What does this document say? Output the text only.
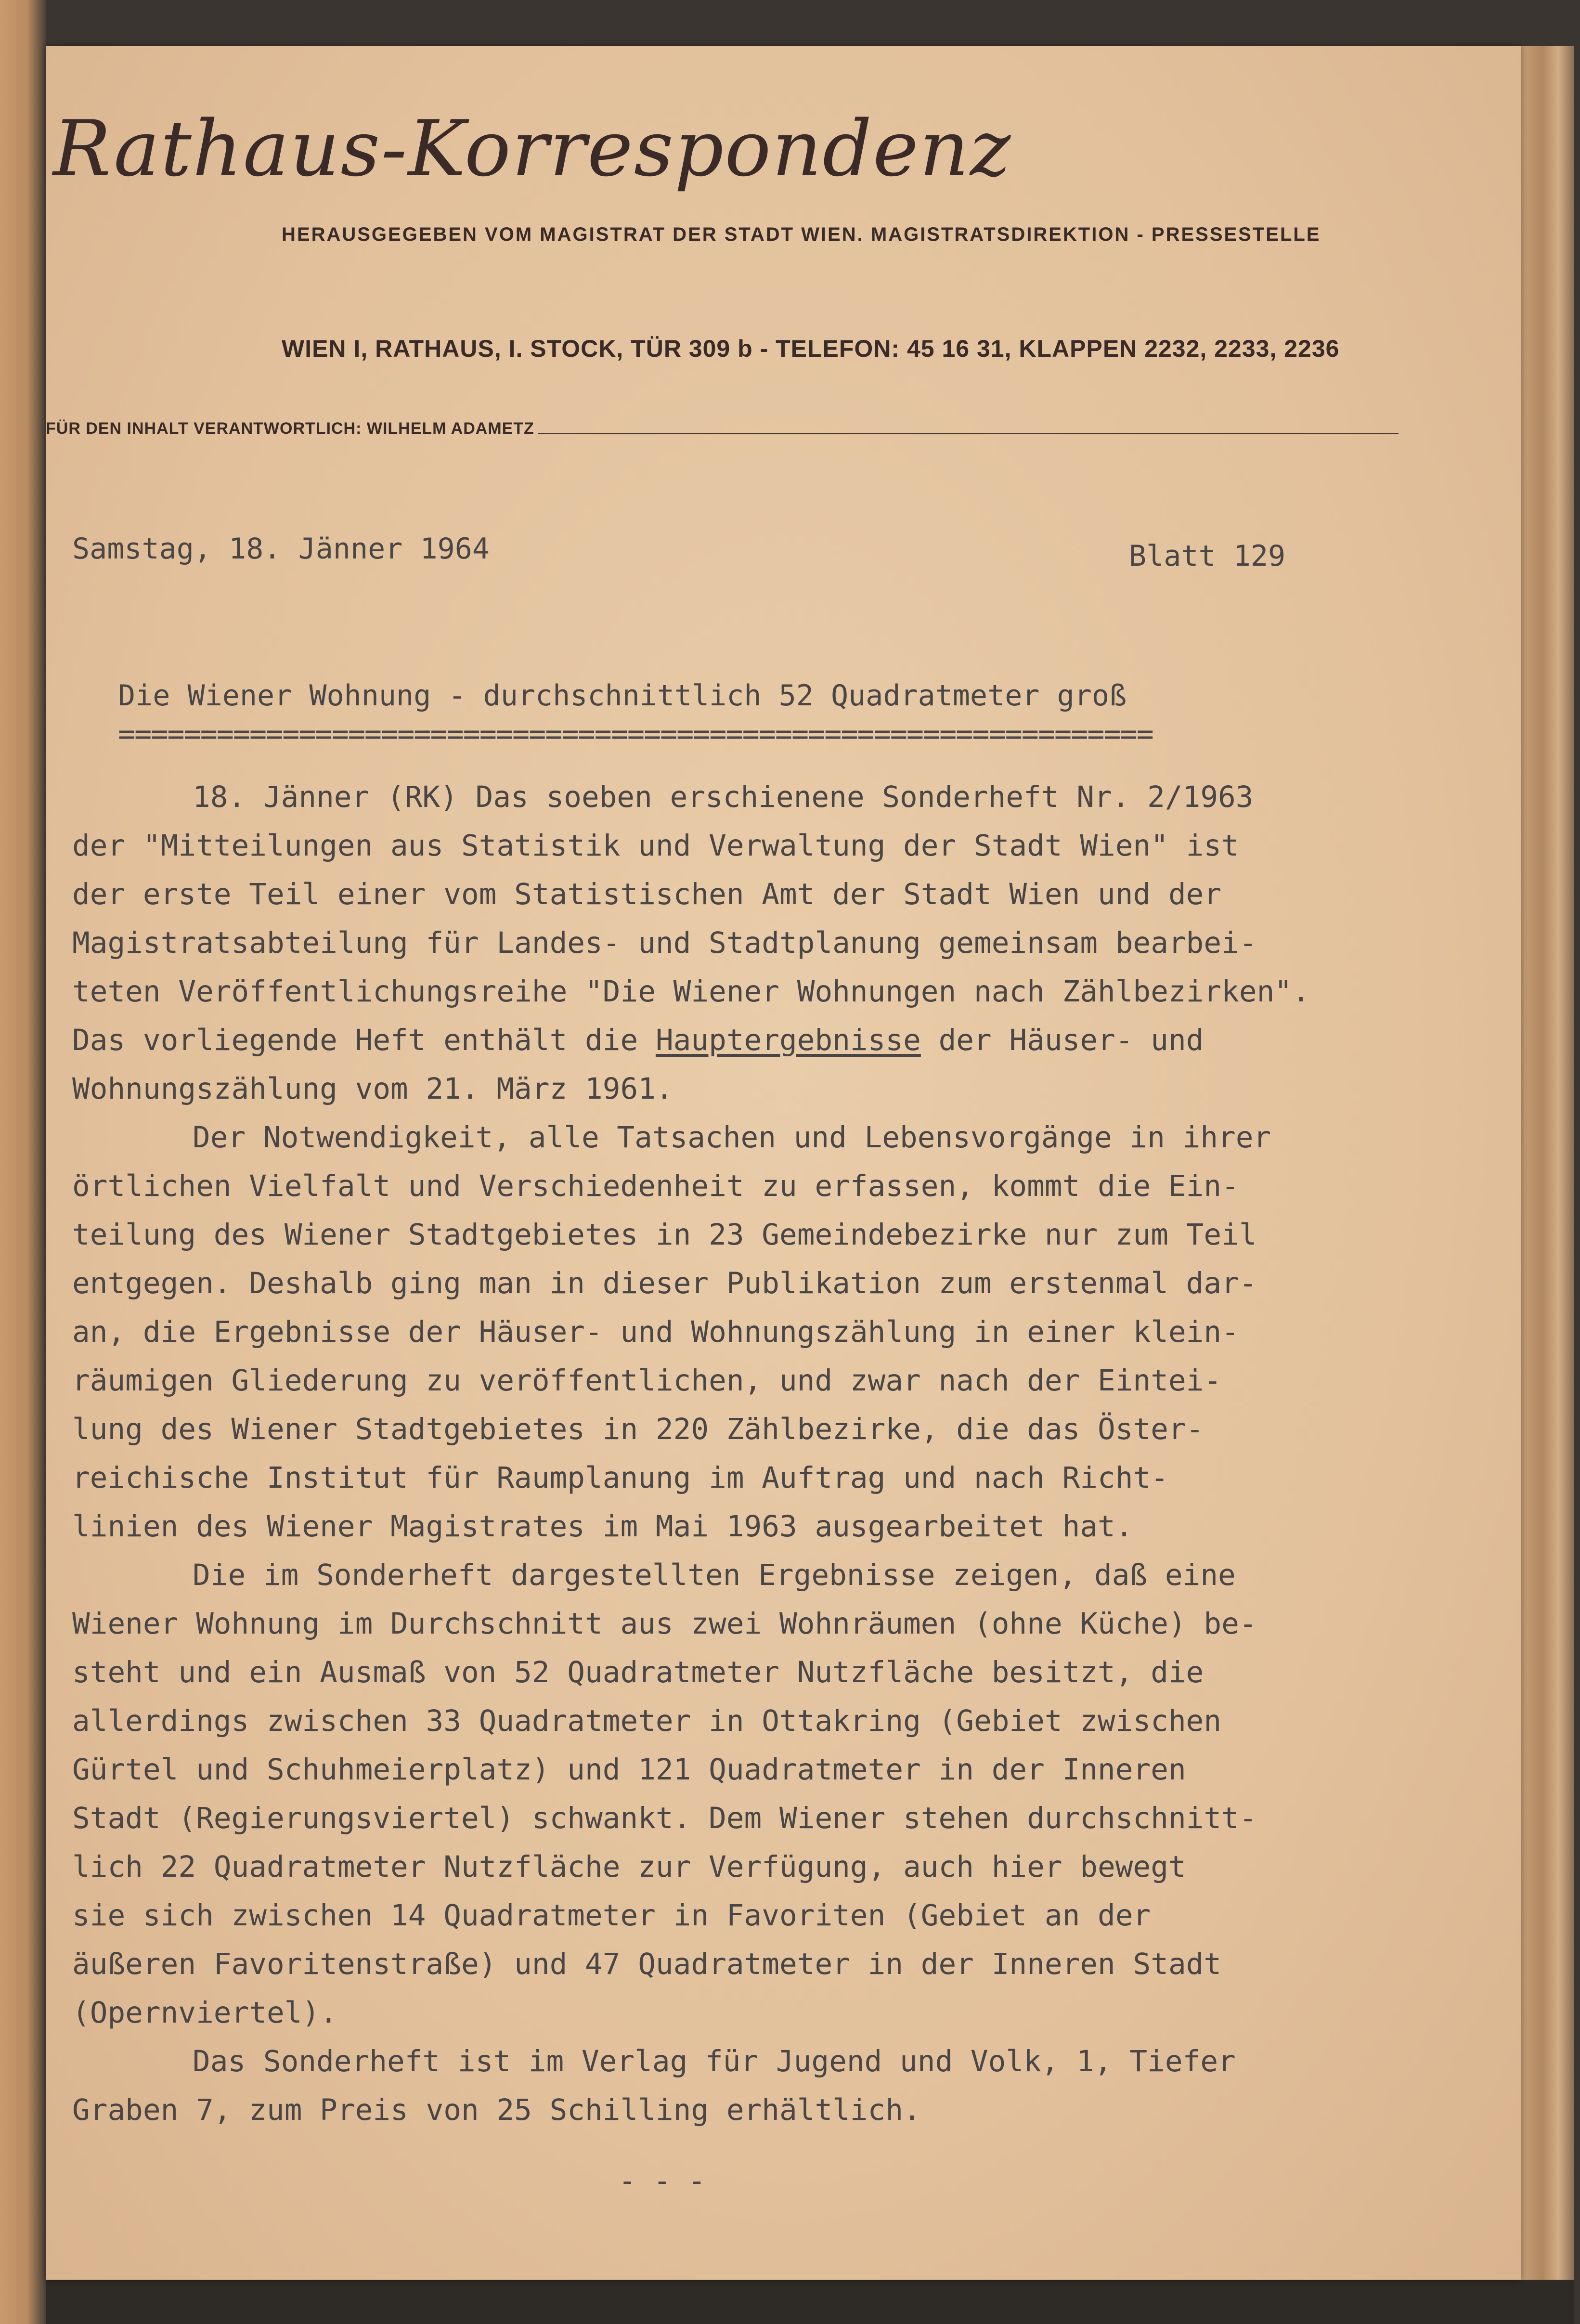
Rathaus-Korrespondenz
HERAUSGEGEBEN VOM MAGISTRAT DER STADT WIEN. MAGISTRATSDIREKTION - PRESSESTELLE
WIEN I, RATHAUS, I. STOCK, TÜR 309 b - TELEFON: 45 16 31, KLAPPEN 2232, 2233, 2236
FÜR DEN INHALT VERANTWORTLICH: WILHELM ADAMETZ
Samstag, 18. Jänner 1964	Blatt 129
Die Wiener Wohnung - durchschnittlich 52 Quadratmeter groß
===============================================================
18. Jänner (RK) Das soeben erschienene Sonderheft Nr. 2/1963
der "Mitteilungen aus Statistik und Verwaltung der Stadt Wien" ist
der erste Teil einer vom Statistischen Amt der Stadt Wien und der
Magistratsabteilung für Landes- und Stadtplanung gemeinsam bearbei-
teten Veröffentlichungsreihe "Die Wiener Wohnungen nach Zählbezirken".
Das vorliegende Heft enthält die Hauptergebnisse der Häuser- und
Wohnungszählung vom 21. März 1961.
Der Notwendigkeit, alle Tatsachen und Lebensvorgänge in ihrer
örtlichen Vielfalt und Verschiedenheit zu erfassen, kommt die Ein-
teilung des Wiener Stadtgebietes in 23 Gemeindebezirke nur zum Teil
entgegen. Deshalb ging man in dieser Publikation zum erstenmal dar-
an, die Ergebnisse der Häuser- und Wohnungszählung in einer klein-
räumigen Gliederung zu veröffentlichen, und zwar nach der Eintei-
lung des Wiener Stadtgebietes in 220 Zählbezirke, die das Öster-
reichische Institut für Raumplanung im Auftrag und nach Richt-
linien des Wiener Magistrates im Mai 1963 ausgearbeitet hat.
Die im Sonderheft dargestellten Ergebnisse zeigen, daß eine
Wiener Wohnung im Durchschnitt aus zwei Wohnräumen (ohne Küche) be-
steht und ein Ausmaß von 52 Quadratmeter Nutzfläche besitzt, die
allerdings zwischen 33 Quadratmeter in Ottakring (Gebiet zwischen
Gürtel und Schuhmeierplatz) und 121 Quadratmeter in der Inneren
Stadt (Regierungsviertel) schwankt. Dem Wiener stehen durchschnitt-
lich 22 Quadratmeter Nutzfläche zur Verfügung, auch hier bewegt
sie sich zwischen 14 Quadratmeter in Favoriten (Gebiet an der
äußeren Favoritenstraße) und 47 Quadratmeter in der Inneren Stadt
(Opernviertel).
Das Sonderheft ist im Verlag für Jugend und Volk, 1, Tiefer
Graben 7, zum Preis von 25 Schilling erhältlich.
- - -
